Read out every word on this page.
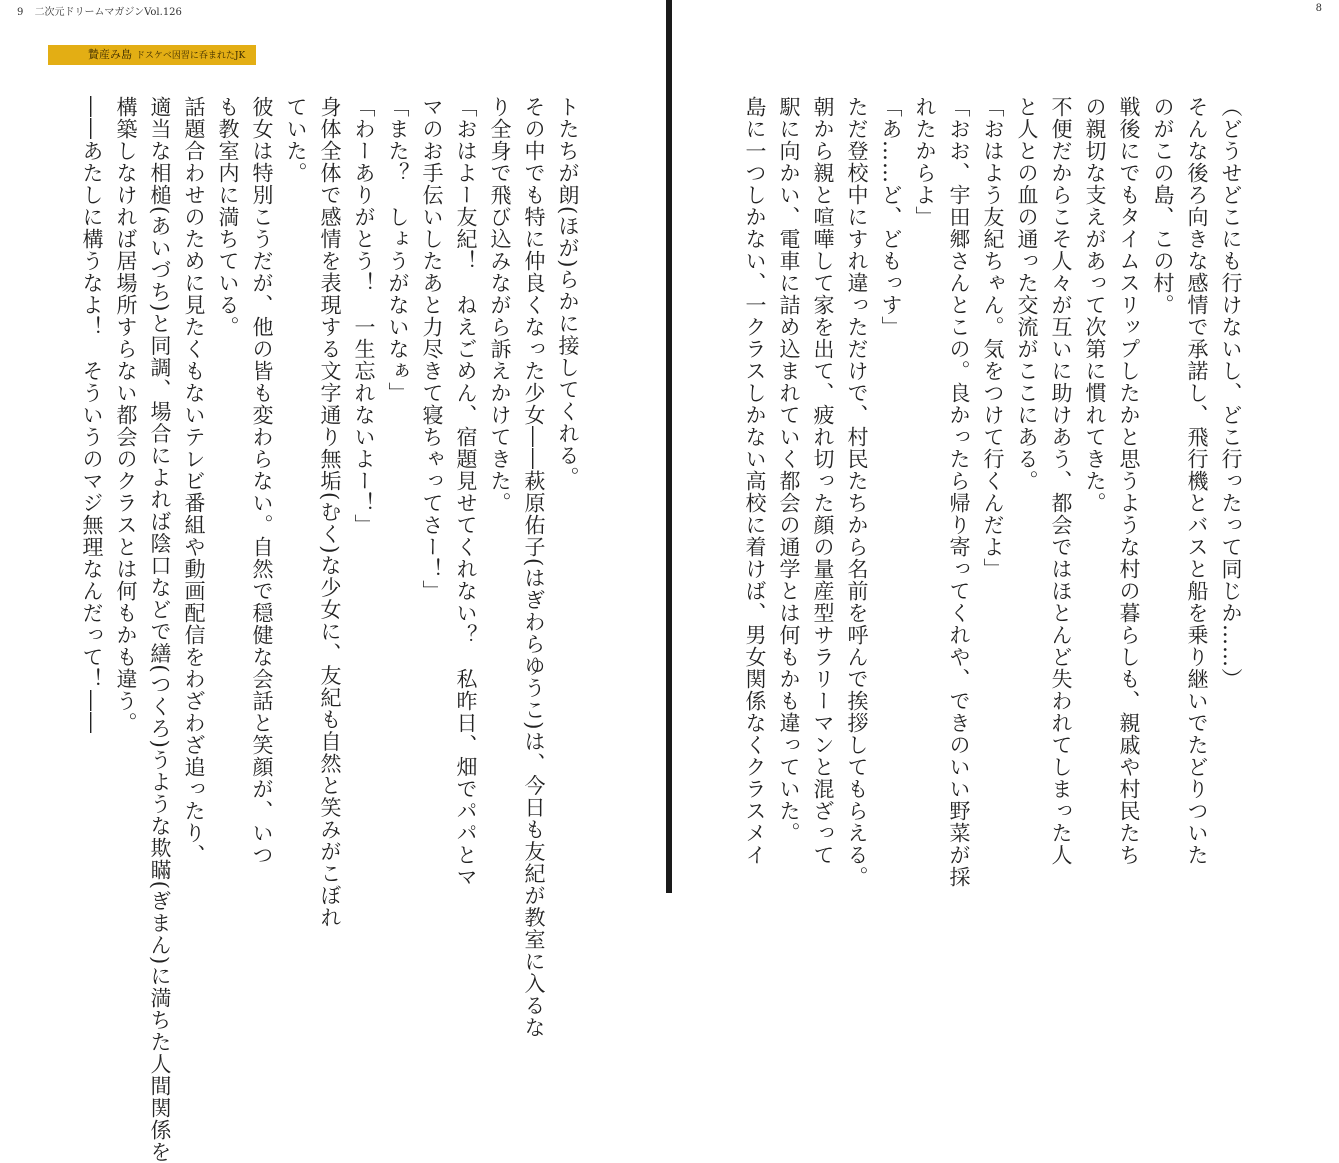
9 二次元ドリームマガジンVol.126
贄産み島 ドスケベ因習に呑まれたJK
8

（どうせどこにも行けないし、どこ行ったって同じか……）

そんな後ろ向きな感情で承諾し、飛行機とバスと船を乗り継いでたどりついた

のがこの島、この村。

戦後にでもタイムスリップしたかと思うような村の暮らしも、親戚や村民たち

の親切な支えがあって次第に慣れてきた。

不便だからこそ人々が互いに助けあう、都会ではほとんど失われてしまった人

と人との血の通った交流がここにある。

「おはよう友紀ちゃん。気をつけて行くんだよ」

「おお、宇田郷さんとこの。良かったら帰り寄ってくれや、できのいい野菜が採

れたからよ」

「あ……ど、どもっす」

ただ登校中にすれ違っただけで、村民たちから名前を呼んで挨拶してもらえる。

朝から親と喧嘩して家を出て、疲れ切った顔の量産型サラリーマンと混ざって

駅に向かい、電車に詰め込まれていく都会の通学とは何もかも違っていた。

島に一つしかない、一クラスしかない高校に着けば、男女関係なくクラスメイ

トたちが朗(ほが)らかに接してくれる。

その中でも特に仲良くなった少女――萩原佑子(はぎわらゆうこ)は、今日も友紀が教室に入るな

り全身で飛び込みながら訴えかけてきた。

「おはよー友紀！　ねえごめん、宿題見せてくれない？　私昨日、畑でパパとマ

マのお手伝いしたあと力尽きて寝ちゃってさー！」

「また？　しょうがないなぁ」

「わーありがとう！　一生忘れないよー！」

身体全体で感情を表現する文字通り無垢(むく)な少女に、友紀も自然と笑みがこぼれ

ていた。

彼女は特別こうだが、他の皆も変わらない。自然で穏健な会話と笑顔が、いつ

も教室内に満ちている。

話題合わせのために見たくもないテレビ番組や動画配信をわざわざ追ったり、

適当な相槌(あいづち)と同調、場合によれば陰口などで繕(つくろ)うような欺瞞(ぎまん)に満ちた人間関係を

構築しなければ居場所すらない都会のクラスとは何もかも違う。

――あたしに構うなよ！　そういうのマジ無理なんだって！――
